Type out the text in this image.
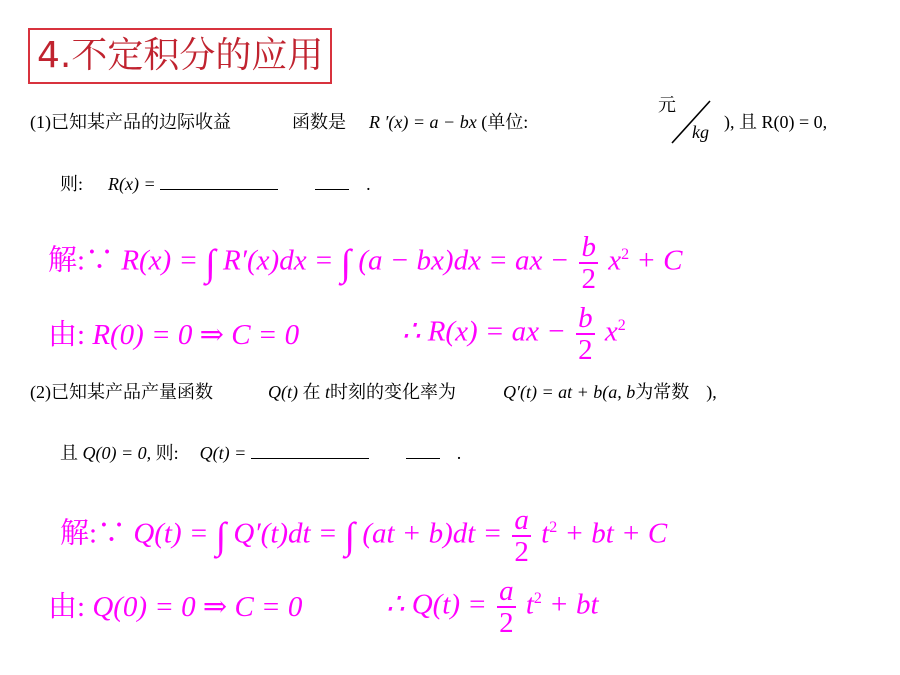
4.不定积分的应用
(1)已知某产品的边际收益	函数是 R ′(x) = a − bx (单位:
元
kg ), 且 R(0) = 0,
则: R(x) =	.
解:∵ R(x) = ∫ R′(x)dx = ∫ (a − bx)dx = ax − $\frac{b}{2} x^2 + C$
由: R(0) = 0 ⇒ C = 0	∴ R(x) = ax − $\frac{b}{2} x^2$
(2)已知某产品产量函数	Q(t) 在 t时刻的变化率为	Q′(t) = at + b(a, b为常数 ),
且 Q(0) = 0, 则: Q(t) =	.
解:∵ Q(t) = ∫ Q′(t)dt = ∫ $(at + b)dt = \frac{a}{2} t^2$ + bt + C
由: Q(0) = 0 ⇒ C = 0	∴ $Q(t) = \frac{a}{2} t^2$ + bt
